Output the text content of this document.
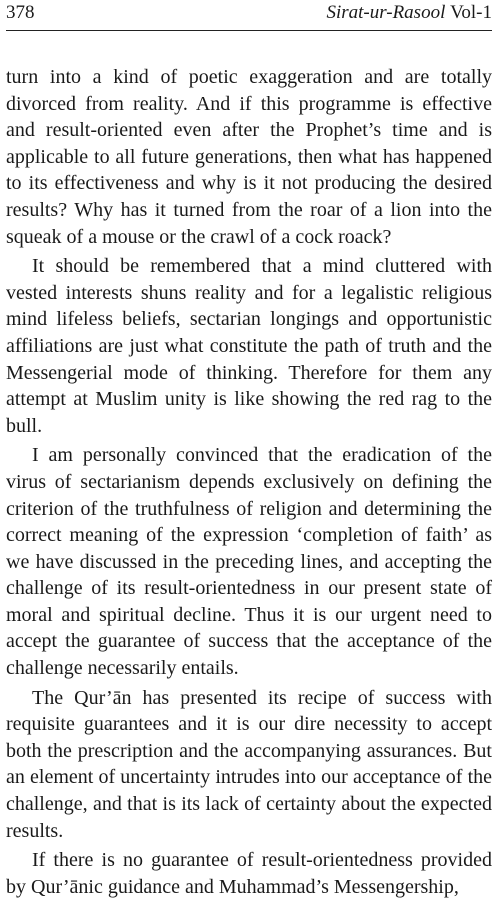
378	Sirat-ur-Rasool Vol-1

turn into a kind of poetic exaggeration and are totally divorced from reality. And if this programme is effective and result-oriented even after the Prophet’s time and is applicable to all future generations, then what has happened to its effectiveness and why is it not producing the desired results? Why has it turned from the roar of a lion into the squeak of a mouse or the crawl of a cock roack?

It should be remembered that a mind cluttered with vested interests shuns reality and for a legalistic religious mind lifeless beliefs, sectarian longings and opportunistic affiliations are just what constitute the path of truth and the Messengerial mode of thinking. Therefore for them any attempt at Muslim unity is like showing the red rag to the bull.

I am personally convinced that the eradication of the virus of sectarianism depends exclusively on defining the criterion of the truthfulness of religion and determining the correct meaning of the expression ‘completion of faith’ as we have discussed in the preceding lines, and accepting the challenge of its result-orientedness in our present state of moral and spiritual decline. Thus it is our urgent need to accept the guarantee of success that the acceptance of the challenge necessarily entails.

The Qur’ān has presented its recipe of success with requisite guarantees and it is our dire necessity to accept both the prescription and the accompanying assurances. But an element of uncertainty intrudes into our acceptance of the challenge, and that is its lack of certainty about the expected results.

If there is no guarantee of result-orientedness provided by Qur’ānic guidance and Muhammad’s Messengership,
